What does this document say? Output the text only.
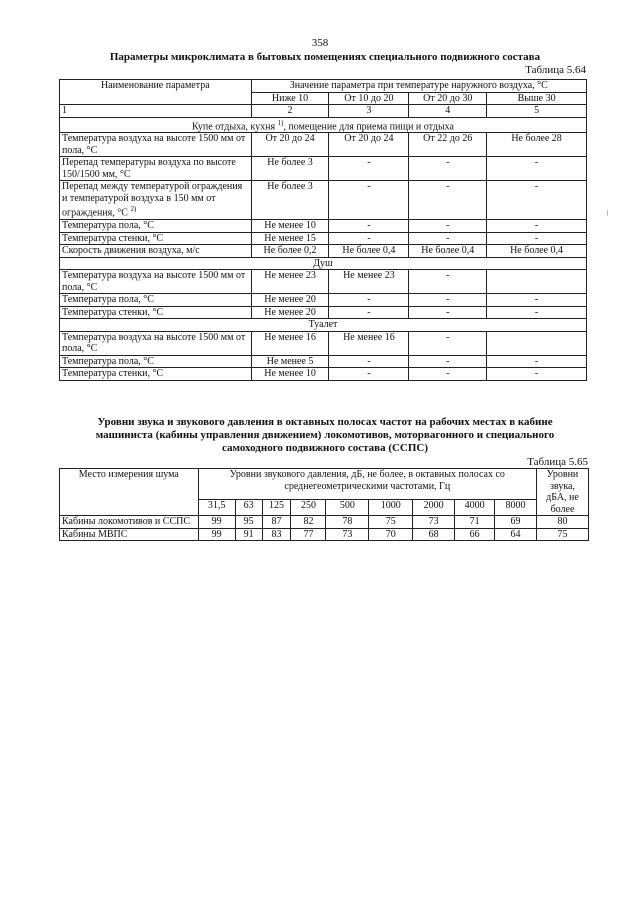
358
Параметры микроклимата в бытовых помещениях специального подвижного состава
Таблица 5.64
Наименование параметра	Значение параметра при температуре наружного воздуха, °С			
	Ниже 10	От 10 до 20	От 20 до 30	Выше 30
1	2	3	4	5
Купе отдыха, кухня $^{1)}$, помещение для приема пищи и отдыха				
Температура воздуха на высоте 1500 мм от пола, °С	От 20 до 24	От 20 до 24	От 22 до 26	Не более 28
Перепад температуры воздуха по высоте 150/1500 мм, °С	Не более 3	-	-	-
Перепад между температурой ограждения и температурой воздуха в 150 мм от ограждения, °С $^{2)}$	Не более 3	-	-	-
Температура пола, °С	Не менее 10	-	-	-
Температура стенки, °С	Не менее 15	-	-	-
Скорость движения воздуха, м/с	Не более 0,2	Не более 0,4	Не более 0,4	Не более 0,4
Душ				
Температура воздуха на высоте 1500 мм от пола, °С	Не менее 23	Не менее 23	-	
Температура пола, °С	Не менее 20	-	-	-
Температура стенки, °С	Не менее 20	-	-	-
Туалет				
Температура воздуха на высоте 1500 мм от пола, °С	Не менее 16	Не менее 16	-	
Температура пола, °С	Не менее 5	-	-	-
Температура стенки, °С	Не менее 10	-	-	-
Уровни звука и звукового давления в октавных полосах частот на рабочих местах в кабине
машиниста (кабины управления движением) локомотивов, моторвагонного и специального
самоходного подвижного состава (ССПС)
Таблица 5.65
Место измерения шума	Уровни звукового давления, дБ, не более, в октавных полосах со среднегеометрическими частотами, Гц									Уровни звука, дБА, не более
	31,5	63	125	250	500	1000	2000	4000	8000	
Кабины локомотивов и ССПС	99	95	87	82	78	75	73	71	69	80
Кабины МВПС	99	91	83	77	73	70	68	66	64	75
